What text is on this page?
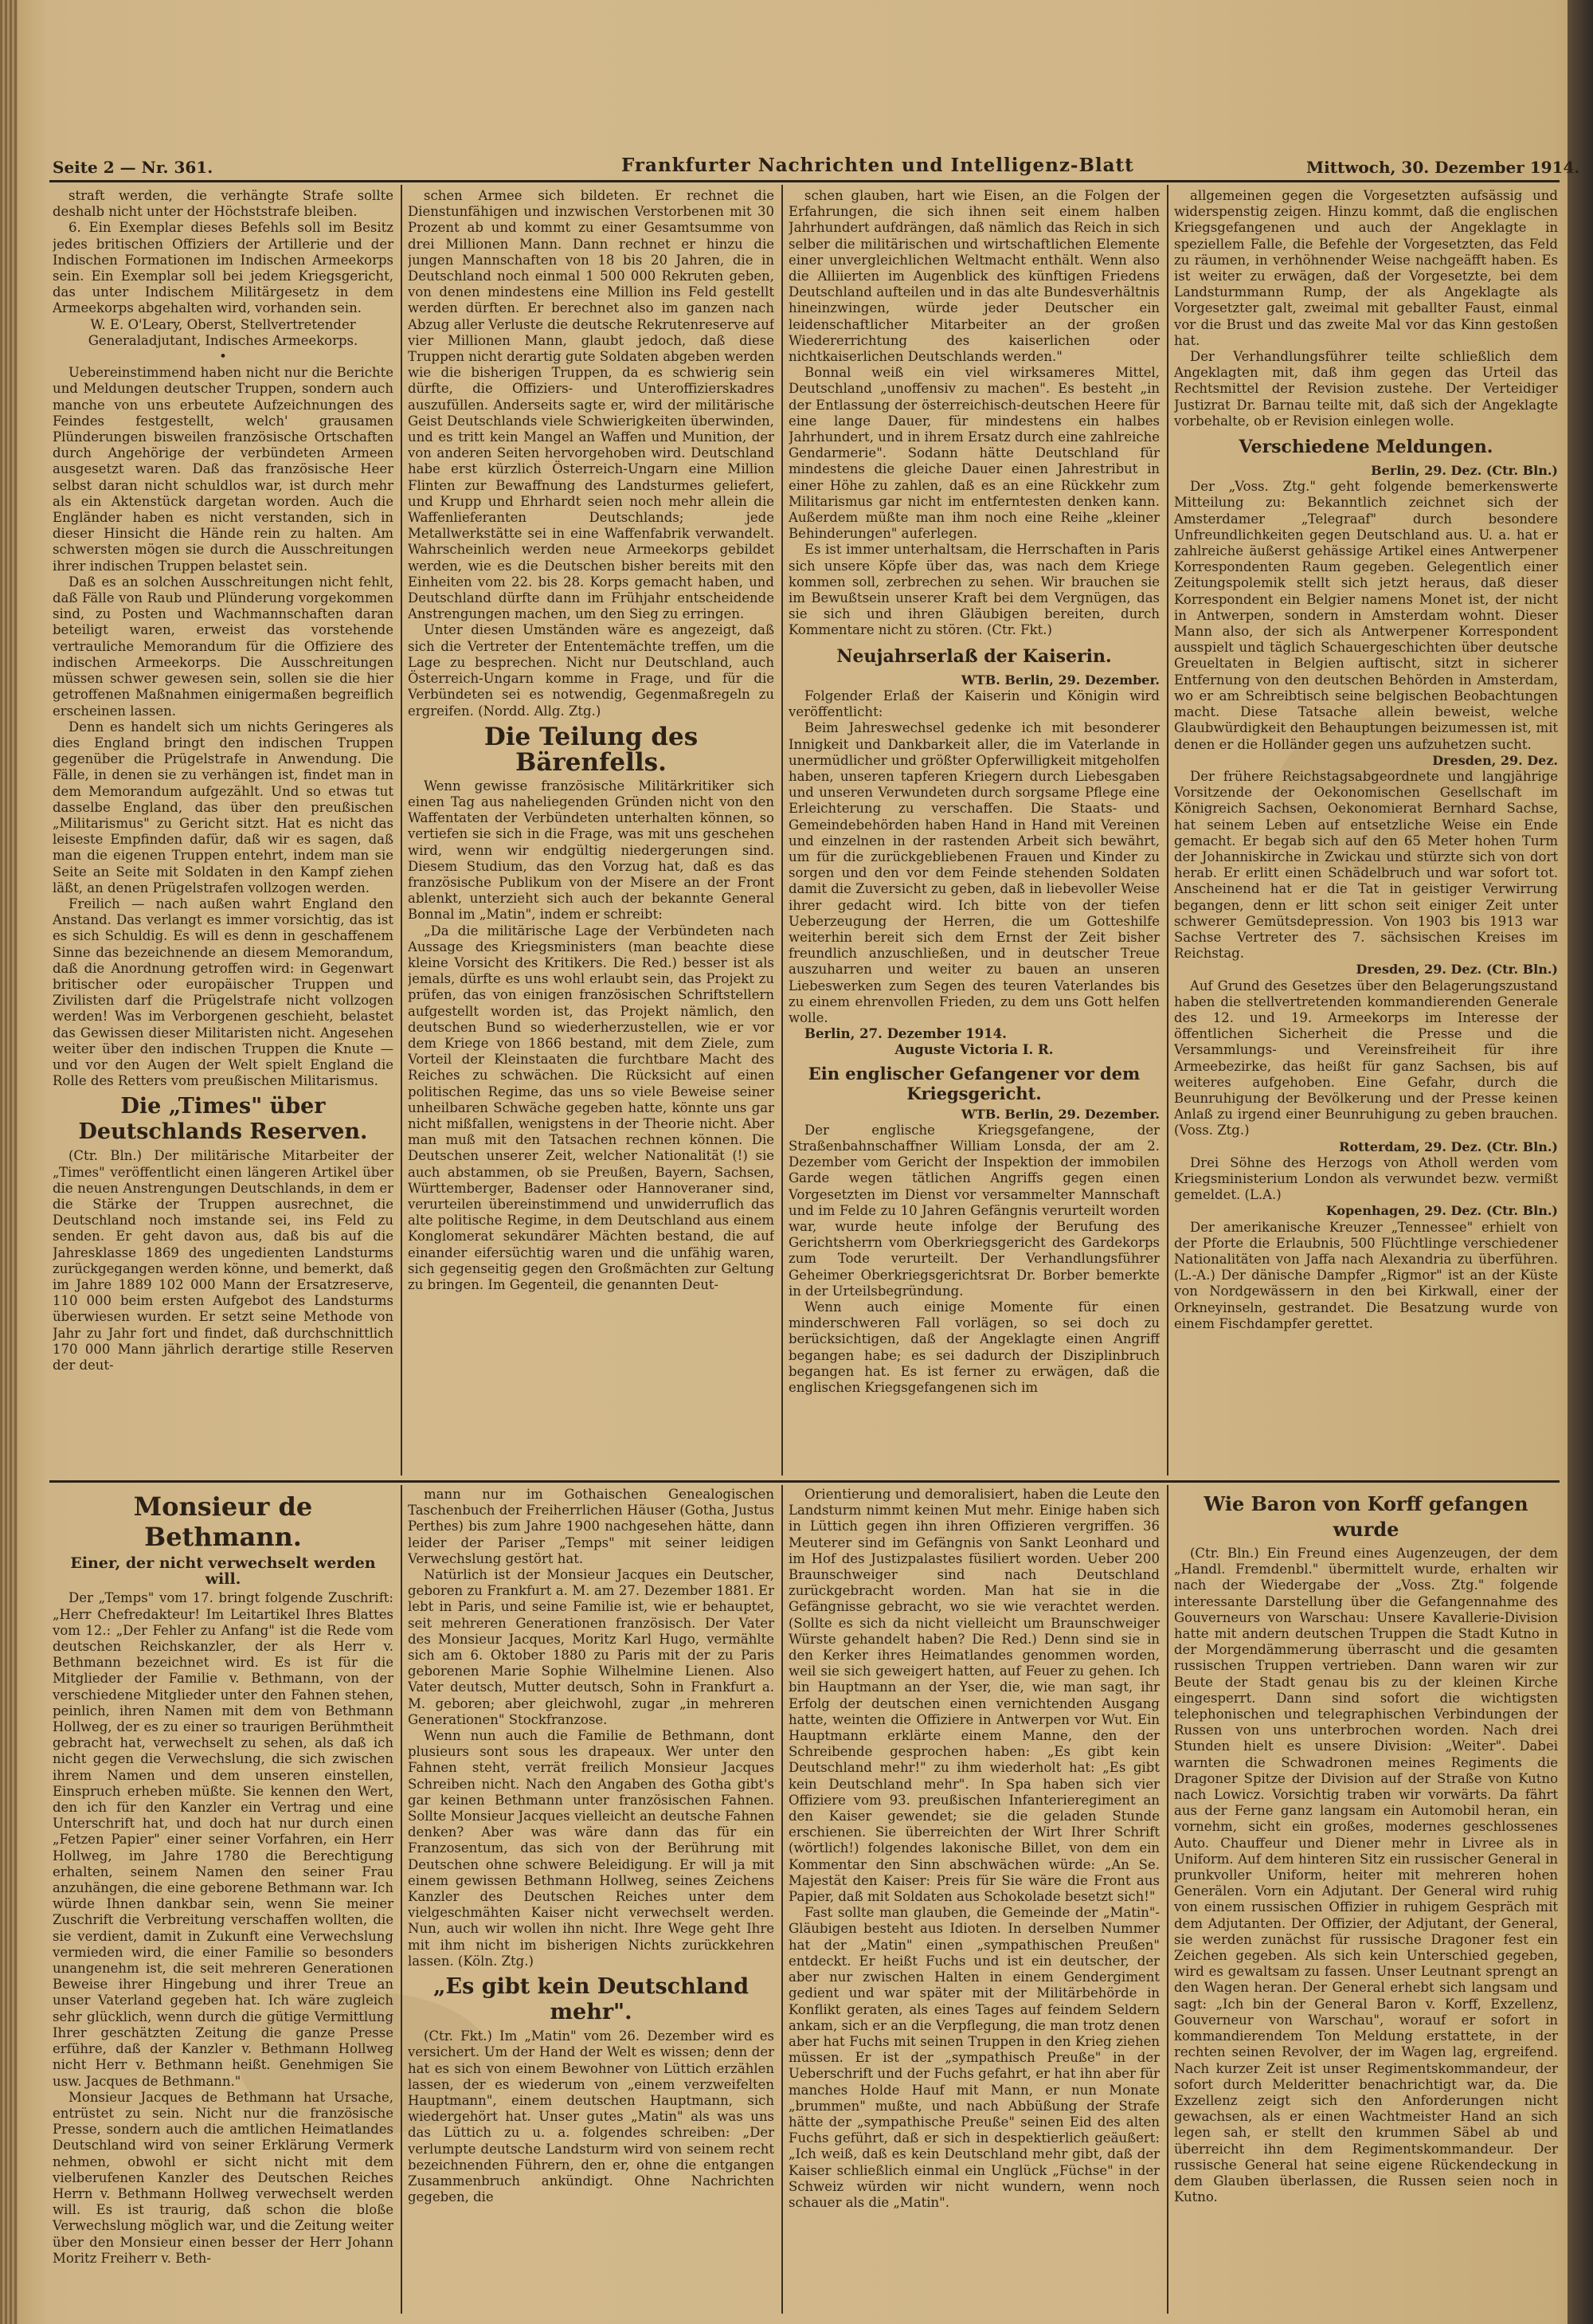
Seite 2 — Nr. 361.	Frankfurter Nachrichten und Intelligenz-Blatt	Mittwoch, 30. Dezember 1914.

straft werden, die verhängte Strafe sollte deshalb nicht unter der Höchststrafe bleiben.

6. Ein Exemplar dieses Befehls soll im Besitz jedes britischen Offiziers der Artillerie und der Indischen Formationen im Indischen Armeekorps sein. Ein Exemplar soll bei jedem Kriegsgericht, das unter Indischem Militärgesetz in dem Armeekorps abgehalten wird, vorhanden sein.

W. E. O'Leary, Oberst, Stellvertretender Generaladjutant, Indisches Armeekorps.

•

Uebereinstimmend haben nicht nur die Berichte und Meldungen deutscher Truppen, sondern auch manche von uns erbeutete Aufzeichnungen des Feindes festgestellt, welch' grausamen Plünderungen bisweilen französische Ortschaften durch Angehörige der verbündeten Armeen ausgesetzt waren. Daß das französische Heer selbst daran nicht schuldlos war, ist durch mehr als ein Aktenstück dargetan worden. Auch die Engländer haben es nicht verstanden, sich in dieser Hinsicht die Hände rein zu halten. Am schwersten mögen sie durch die Ausschreitungen ihrer indischen Truppen belastet sein.

Daß es an solchen Ausschreitungen nicht fehlt, daß Fälle von Raub und Plünderung vorgekommen sind, zu Posten und Wachmannschaften daran beteiligt waren, erweist das vorstehende vertrauliche Memorandum für die Offiziere des indischen Armeekorps. Die Ausschreitungen müssen schwer gewesen sein, sollen sie die hier getroffenen Maßnahmen einigermaßen begreiflich erscheinen lassen.

Denn es handelt sich um nichts Geringeres als dies England bringt den indischen Truppen gegenüber die Prügelstrafe in Anwendung. Die Fälle, in denen sie zu verhängen ist, findet man in dem Memorandum aufgezählt. Und so etwas tut dasselbe England, das über den preußischen „Militarismus" zu Gericht sitzt. Hat es nicht das leiseste Empfinden dafür, daß wir es sagen, daß man die eigenen Truppen entehrt, indem man sie Seite an Seite mit Soldaten in den Kampf ziehen läßt, an denen Prügelstrafen vollzogen werden.

Freilich — nach außen wahrt England den Anstand. Das verlangt es immer vorsichtig, das ist es sich Schuldig. Es will es denn in geschaffenem Sinne das bezeichnende an diesem Memorandum, daß die Anordnung getroffen wird: in Gegenwart britischer oder europäischer Truppen und Zivilisten darf die Prügelstrafe nicht vollzogen werden! Was im Verborgenen geschieht, belastet das Gewissen dieser Militaristen nicht. Angesehen weiter über den indischen Truppen die Knute — und vor den Augen der Welt spielt England die Rolle des Retters vom preußischen Militarismus.

Die „Times" über Deutschlands Reserven.

(Ctr. Bln.) Der militärische Mitarbeiter der „Times" veröffentlicht einen längeren Artikel über die neuen Anstrengungen Deutschlands, in dem er die Stärke der Truppen ausrechnet, die Deutschland noch imstande sei, ins Feld zu senden. Er geht davon aus, daß bis auf die Jahresklasse 1869 des ungedienten Landsturms zurückgegangen werden könne, und bemerkt, daß im Jahre 1889 102 000 Mann der Ersatzreserve, 110 000 beim ersten Aufgebot des Landsturms überwiesen wurden. Er setzt seine Methode von Jahr zu Jahr fort und findet, daß durchschnittlich 170 000 Mann jährlich derartige stille Reserven der deut-

schen Armee sich bildeten. Er rechnet die Dienstunfähigen und inzwischen Verstorbenen mit 30 Prozent ab und kommt zu einer Gesamtsumme von drei Millionen Mann. Dann rechnet er hinzu die jungen Mannschaften von 18 bis 20 Jahren, die in Deutschland noch einmal 1 500 000 Rekruten geben, von denen mindestens eine Million ins Feld gestellt werden dürften. Er berechnet also im ganzen nach Abzug aller Verluste die deutsche Rekrutenreserve auf vier Millionen Mann, glaubt jedoch, daß diese Truppen nicht derartig gute Soldaten abgeben werden wie die bisherigen Truppen, da es schwierig sein dürfte, die Offiziers- und Unteroffizierskadres auszufüllen. Anderseits sagte er, wird der militärische Geist Deutschlands viele Schwierigkeiten überwinden, und es tritt kein Mangel an Waffen und Munition, der von anderen Seiten hervorgehoben wird. Deutschland habe erst kürzlich Österreich-Ungarn eine Million Flinten zur Bewaffnung des Landsturmes geliefert, und Krupp und Ehrhardt seien noch mehr allein die Waffenlieferanten Deutschlands; jede Metallwerkstätte sei in eine Waffenfabrik verwandelt. Wahrscheinlich werden neue Armeekorps gebildet werden, wie es die Deutschen bisher bereits mit den Einheiten vom 22. bis 28. Korps gemacht haben, und Deutschland dürfte dann im Frühjahr entscheidende Anstrengungen machen, um den Sieg zu erringen.

Unter diesen Umständen wäre es angezeigt, daß sich die Vertreter der Ententemächte treffen, um die Lage zu besprechen. Nicht nur Deutschland, auch Österreich-Ungarn komme in Frage, und für die Verbündeten sei es notwendig, Gegenmaßregeln zu ergreifen. (Nordd. Allg. Ztg.)

Die Teilung des Bärenfells.

Wenn gewisse französische Militärkritiker sich einen Tag aus naheliegenden Gründen nicht von den Waffentaten der Verbündeten unterhalten können, so vertiefen sie sich in die Frage, was mit uns geschehen wird, wenn wir endgültig niedergerungen sind. Diesem Studium, das den Vorzug hat, daß es das französische Publikum von der Misere an der Front ablenkt, unterzieht sich auch der bekannte General Bonnal im „Matin", indem er schreibt:

„Da die militärische Lage der Verbündeten nach Aussage des Kriegsministers (man beachte diese kleine Vorsicht des Kritikers. Die Red.) besser ist als jemals, dürfte es uns wohl erlaubt sein, das Projekt zu prüfen, das von einigen französischen Schriftstellern aufgestellt worden ist, das Projekt nämlich, den deutschen Bund so wiederherzustellen, wie er vor dem Kriege von 1866 bestand, mit dem Ziele, zum Vorteil der Kleinstaaten die furchtbare Macht des Reiches zu schwächen. Die Rücksicht auf einen politischen Regime, das uns so viele Beweise seiner unheilbaren Schwäche gegeben hatte, könnte uns gar nicht mißfallen, wenigstens in der Theorie nicht. Aber man muß mit den Tatsachen rechnen können. Die Deutschen unserer Zeit, welcher Nationalität (!) sie auch abstammen, ob sie Preußen, Bayern, Sachsen, Württemberger, Badenser oder Hannoveraner sind, verurteilen übereinstimmend und unwiderruflich das alte politische Regime, in dem Deutschland aus einem Konglomerat sekundärer Mächten bestand, die auf einander eifersüchtig waren und die unfähig waren, sich gegenseitig gegen den Großmächten zur Geltung zu bringen. Im Gegenteil, die genannten Deut-

schen glauben, hart wie Eisen, an die Folgen der Erfahrungen, die sich ihnen seit einem halben Jahrhundert aufdrängen, daß nämlich das Reich in sich selber die militärischen und wirtschaftlichen Elemente einer unvergleichlichen Weltmacht enthält. Wenn also die Alliierten im Augenblick des künftigen Friedens Deutschland aufteilen und in das alte Bundesverhältnis hineinzwingen, würde jeder Deutscher ein leidenschaftlicher Mitarbeiter an der großen Wiedererrichtung des kaiserlichen oder nichtkaiserlichen Deutschlands werden."

Bonnal weiß ein viel wirksameres Mittel, Deutschland „unoffensiv zu machen". Es besteht „in der Entlassung der österreichisch-deutschen Heere für eine lange Dauer, für mindestens ein halbes Jahrhundert, und in ihrem Ersatz durch eine zahlreiche Gendarmerie". Sodann hätte Deutschland für mindestens die gleiche Dauer einen Jahrestribut in einer Höhe zu zahlen, daß es an eine Rückkehr zum Militarismus gar nicht im entferntesten denken kann. Außerdem müßte man ihm noch eine Reihe „kleiner Behinderungen" auferlegen.

Es ist immer unterhaltsam, die Herrschaften in Paris sich unsere Köpfe über das, was nach dem Kriege kommen soll, zerbrechen zu sehen. Wir brauchen sie im Bewußtsein unserer Kraft bei dem Vergnügen, das sie sich und ihren Gläubigen bereiten, durch Kommentare nicht zu stören. (Ctr. Fkt.)

Neujahrserlaß der Kaiserin.

WTB. Berlin, 29. Dezember.

Folgender Erlaß der Kaiserin und Königin wird veröffentlicht:

Beim Jahreswechsel gedenke ich mit besonderer Innigkeit und Dankbarkeit aller, die im Vaterlande in unermüdlicher und größter Opferwilligkeit mitgeholfen haben, unseren tapferen Kriegern durch Liebesgaben und unseren Verwundeten durch sorgsame Pflege eine Erleichterung zu verschaffen. Die Staats- und Gemeindebehörden haben Hand in Hand mit Vereinen und einzelnen in der rastenden Arbeit sich bewährt, um für die zurückgebliebenen Frauen und Kinder zu sorgen und den vor dem Feinde stehenden Soldaten damit die Zuversicht zu geben, daß in liebevoller Weise ihrer gedacht wird. Ich bitte von der tiefen Ueberzeugung der Herren, die um Gotteshilfe weiterhin bereit sich dem Ernst der Zeit bisher freundlich anzuschließen, und in deutscher Treue auszuharren und weiter zu bauen an unseren Liebeswerken zum Segen des teuren Vaterlandes bis zu einem ehrenvollen Frieden, zu dem uns Gott helfen wolle.

Berlin, 27. Dezember 1914.

Auguste Victoria I. R.

Ein englischer Gefangener vor dem Kriegsgericht.

WTB. Berlin, 29. Dezember.

Der englische Kriegsgefangene, der Straßenbahnschaffner William Lonsda, der am 2. Dezember vom Gericht der Inspektion der immobilen Garde wegen tätlichen Angriffs gegen einen Vorgesetzten im Dienst vor versammelter Mannschaft und im Felde zu 10 Jahren Gefängnis verurteilt worden war, wurde heute infolge der Berufung des Gerichtsherrn vom Oberkriegsgericht des Gardekorps zum Tode verurteilt. Der Verhandlungsführer Geheimer Oberkriegsgerichtsrat Dr. Borber bemerkte in der Urteilsbegründung.

Wenn auch einige Momente für einen minderschweren Fall vorlägen, so sei doch zu berücksichtigen, daß der Angeklagte einen Angriff begangen habe; es sei dadurch der Disziplinbruch begangen hat. Es ist ferner zu erwägen, daß die englischen Kriegsgefangenen sich im

allgemeinen gegen die Vorgesetzten aufsässig und widerspenstig zeigen. Hinzu kommt, daß die englischen Kriegsgefangenen und auch der Angeklagte in speziellem Falle, die Befehle der Vorgesetzten, das Feld zu räumen, in verhöhnender Weise nachgeäfft haben. Es ist weiter zu erwägen, daß der Vorgesetzte, bei dem Landsturmmann Rump, der als Angeklagte als Vorgesetzter galt, zweimal mit geballter Faust, einmal vor die Brust und das zweite Mal vor das Kinn gestoßen hat.

Der Verhandlungsführer teilte schließlich dem Angeklagten mit, daß ihm gegen das Urteil das Rechtsmittel der Revision zustehe. Der Verteidiger Justizrat Dr. Barnau teilte mit, daß sich der Angeklagte vorbehalte, ob er Revision einlegen wolle.

Verschiedene Meldungen.

Berlin, 29. Dez. (Ctr. Bln.)

Der „Voss. Ztg." geht folgende bemerkenswerte Mitteilung zu: Bekanntlich zeichnet sich der Amsterdamer „Telegraaf" durch besondere Unfreundlichkeiten gegen Deutschland aus. U. a. hat er zahlreiche äußerst gehässige Artikel eines Antwerpener Korrespondenten Raum gegeben. Gelegentlich einer Zeitungspolemik stellt sich jetzt heraus, daß dieser Korrespondent ein Belgier namens Monet ist, der nicht in Antwerpen, sondern in Amsterdam wohnt. Dieser Mann also, der sich als Antwerpener Korrespondent ausspielt und täglich Schauergeschichten über deutsche Greueltaten in Belgien auftischt, sitzt in sicherer Entfernung von den deutschen Behörden in Amsterdam, wo er am Schreibtisch seine belgischen Beobachtungen macht. Diese Tatsache allein beweist, welche Glaubwürdigkeit den Behauptungen beizumessen ist, mit denen er die Holländer gegen uns aufzuhetzen sucht.

Dresden, 29. Dez.

Der frühere Reichstagsabgeordnete und langjährige Vorsitzende der Oekonomischen Gesellschaft im Königreich Sachsen, Oekonomierat Bernhard Sachse, hat seinem Leben auf entsetzliche Weise ein Ende gemacht. Er begab sich auf den 65 Meter hohen Turm der Johanniskirche in Zwickau und stürzte sich von dort herab. Er erlitt einen Schädelbruch und war sofort tot. Anscheinend hat er die Tat in geistiger Verwirrung begangen, denn er litt schon seit einiger Zeit unter schwerer Gemütsdepression. Von 1903 bis 1913 war Sachse Vertreter des 7. sächsischen Kreises im Reichstag.

Dresden, 29. Dez. (Ctr. Bln.)

Auf Grund des Gesetzes über den Belagerungszustand haben die stellvertretenden kommandierenden Generale des 12. und 19. Armeekorps im Interesse der öffentlichen Sicherheit die Presse und die Versammlungs- und Vereinsfreiheit für ihre Armeebezirke, das heißt für ganz Sachsen, bis auf weiteres aufgehoben. Eine Gefahr, durch die Beunruhigung der Bevölkerung und der Presse keinen Anlaß zu irgend einer Beunruhigung zu geben brauchen. (Voss. Ztg.)

Rotterdam, 29. Dez. (Ctr. Bln.)

Drei Söhne des Herzogs von Atholl werden vom Kriegsministerium London als verwundet bezw. vermißt gemeldet. (L.A.)

Kopenhagen, 29. Dez. (Ctr. Bln.)

Der amerikanische Kreuzer „Tennessee" erhielt von der Pforte die Erlaubnis, 500 Flüchtlinge verschiedener Nationalitäten von Jaffa nach Alexandria zu überführen. (L.-A.) Der dänische Dampfer „Rigmor" ist an der Küste von Nordgewässern in den bei Kirkwall, einer der Orkneyinseln, gestrandet. Die Besatzung wurde von einem Fischdampfer gerettet.

Monsieur de Bethmann.

Einer, der nicht verwechselt werden will.

Der „Temps" vom 17. bringt folgende Zuschrift: „Herr Chefredakteur! Im Leitartikel Ihres Blattes vom 12.: „Der Fehler zu Anfang" ist die Rede vom deutschen Reichskanzler, der als Herr v. Bethmann bezeichnet wird. Es ist für die Mitglieder der Familie v. Bethmann, von der verschiedene Mitglieder unter den Fahnen stehen, peinlich, ihren Namen mit dem von Bethmann Hollweg, der es zu einer so traurigen Berühmtheit gebracht hat, verwechselt zu sehen, als daß ich nicht gegen die Verwechslung, die sich zwischen ihrem Namen und dem unseren einstellen, Einspruch erheben müßte. Sie kennen den Wert, den ich für den Kanzler ein Vertrag und eine Unterschrift hat, und doch hat nur durch einen „Fetzen Papier" einer seiner Vorfahren, ein Herr Hollweg, im Jahre 1780 die Berechtigung erhalten, seinem Namen den seiner Frau anzuhängen, die eine geborene Bethmann war. Ich würde Ihnen dankbar sein, wenn Sie meiner Zuschrift die Verbreitung verschaffen wollten, die sie verdient, damit in Zukunft eine Verwechslung vermieden wird, die einer Familie so besonders unangenehm ist, die seit mehreren Generationen Beweise ihrer Hingebung und ihrer Treue an unser Vaterland gegeben hat. Ich wäre zugleich sehr glücklich, wenn durch die gütige Vermittlung Ihrer geschätzten Zeitung die ganze Presse erführe, daß der Kanzler v. Bethmann Hollweg nicht Herr v. Bethmann heißt. Genehmigen Sie usw. Jacques de Bethmann."

Monsieur Jacques de Bethmann hat Ursache, entrüstet zu sein. Nicht nur die französische Presse, sondern auch die amtlichen Heimatlandes Deutschland wird von seiner Erklärung Vermerk nehmen, obwohl er sicht nicht mit dem vielberufenen Kanzler des Deutschen Reiches Herrn v. Bethmann Hollweg verwechselt werden will. Es ist traurig, daß schon die bloße Verwechslung möglich war, und die Zeitung weiter über den Monsieur einen besser der Herr Johann Moritz Freiherr v. Beth-

mann nur im Gothaischen Genealogischen Taschenbuch der Freiherrlichen Häuser (Gotha, Justus Perthes) bis zum Jahre 1900 nachgesehen hätte, dann leider der Pariser „Temps" mit seiner leidigen Verwechslung gestört hat.

Natürlich ist der Monsieur Jacques ein Deutscher, geboren zu Frankfurt a. M. am 27. Dezember 1881. Er lebt in Paris, und seine Familie ist, wie er behauptet, seit mehreren Generationen französisch. Der Vater des Monsieur Jacques, Moritz Karl Hugo, vermählte sich am 6. Oktober 1880 zu Paris mit der zu Paris geborenen Marie Sophie Wilhelmine Lienen. Also Vater deutsch, Mutter deutsch, Sohn in Frankfurt a. M. geboren; aber gleichwohl, zugar „in mehreren Generationen" Stockfranzose.

Wenn nun auch die Familie de Bethmann, dont plusieurs sont sous les drapeaux. Wer unter den Fahnen steht, verrät freilich Monsieur Jacques Schreiben nicht. Nach den Angaben des Gotha gibt's gar keinen Bethmann unter französischen Fahnen. Sollte Monsieur Jacques vielleicht an deutsche Fahnen denken? Aber was wäre dann das für ein Franzosentum, das sich von der Berührung mit Deutschen ohne schwere Beleidigung. Er will ja mit einem gewissen Bethmann Hollweg, seines Zeichens Kanzler des Deutschen Reiches unter dem vielgeschmähten Kaiser nicht verwechselt werden. Nun, auch wir wollen ihn nicht. Ihre Wege geht Ihre mit ihm nicht im bisherigen Nichts zurückkehren lassen. (Köln. Ztg.)

„Es gibt kein Deutschland mehr".

(Ctr. Fkt.) Im „Matin" vom 26. Dezember wird es versichert. Um der Hand der Welt es wissen; denn der hat es sich von einem Bewohner von Lüttich erzählen lassen, der es wiederum von „einem verzweifelten Hauptmann", einem deutschen Hauptmann, sich wiedergehört hat. Unser gutes „Matin" als was uns das Lüttich zu u. a. folgendes schreiben: „Der verlumpte deutsche Landsturm wird von seinem recht bezeichnenden Führern, den er, ohne die entgangen Zusammenbruch ankündigt. Ohne Nachrichten gegeben, die

Orientierung und demoralisiert, haben die Leute den Landsturm nimmt keinen Mut mehr. Einige haben sich in Lüttich gegen ihn ihren Offizieren vergriffen. 36 Meuterer sind im Gefängnis von Sankt Leonhard und im Hof des Justizpalastes füsiliert worden. Ueber 200 Braunschweiger sind nach Deutschland zurückgebracht worden. Man hat sie in die Gefängnisse gebracht, wo sie wie verachtet werden. (Sollte es sich da nicht vielleicht um Braunschweiger Würste gehandelt haben? Die Red.) Denn sind sie in den Kerker ihres Heimatlandes genommen worden, weil sie sich geweigert hatten, auf Feuer zu gehen. Ich bin Hauptmann an der Yser, die, wie man sagt, ihr Erfolg der deutschen einen vernichtenden Ausgang hatte, weinten die Offiziere in Antwerpen vor Wut. Ein Hauptmann erklärte einem Manne, den der Schreibende gesprochen haben: „Es gibt kein Deutschland mehr!" zu ihm wiederholt hat: „Es gibt kein Deutschland mehr". In Spa haben sich vier Offiziere vom 93. preußischen Infanterieregiment an den Kaiser gewendet; sie die geladen Stunde erschienen. Sie überreichten der Wirt Ihrer Schrift (wörtlich!) folgendes lakonische Billet, von dem ein Kommentar den Sinn abschwächen würde: „An Se. Majestät den Kaiser: Preis für Sie wäre die Front aus Papier, daß mit Soldaten aus Schokolade besetzt sich!"

Fast sollte man glauben, die Gemeinde der „Matin"-Gläubigen besteht aus Idioten. In derselben Nummer hat der „Matin" einen „sympathischen Preußen" entdeckt. Er heißt Fuchs und ist ein deutscher, der aber nur zwischen Halten in einem Gendergiment gedient und war später mit der Militärbehörde in Konflikt geraten, als eines Tages auf feindem Seldern ankam, sich er an die Verpflegung, die man trotz denen aber hat Fuchs mit seinen Truppen in den Krieg ziehen müssen. Er ist der „sympathisch Preuße" in der Ueberschrift und der Fuchs gefahrt, er hat ihn aber für manches Holde Hauf mit Mann, er nun Monate „brummen" mußte, und nach Abbüßung der Strafe hätte der „sympathische Preuße" seinen Eid des alten Fuchs geführt, daß er sich in despektierlich geäußert: „Ich weiß, daß es kein Deutschland mehr gibt, daß der Kaiser schließlich einmal ein Unglück „Füchse" in der Schweiz würden wir nicht wundern, wenn noch schauer als die „Matin".

Wie Baron von Korff gefangen wurde

(Ctr. Bln.) Ein Freund eines Augenzeugen, der dem „Handl. Fremdenbl." übermittelt wurde, erhalten wir nach der Wiedergabe der „Voss. Ztg." folgende interessante Darstellung über die Gefangennahme des Gouverneurs von Warschau: Unsere Kavallerie-Division hatte mit andern deutschen Truppen die Stadt Kutno in der Morgendämmerung überrascht und die gesamten russischen Truppen vertrieben. Dann waren wir zur Beute der Stadt genau bis zu der kleinen Kirche eingesperrt. Dann sind sofort die wichtigsten telephonischen und telegraphischen Verbindungen der Russen von uns unterbrochen worden. Nach drei Stunden hielt es unsere Division: „Weiter". Dabei warnten die Schwadronen meines Regiments die Dragoner Spitze der Division auf der Straße von Kutno nach Lowicz. Vorsichtig traben wir vorwärts. Da fährt aus der Ferne ganz langsam ein Automobil heran, ein vornehm, sicht ein großes, modernes geschlossenes Auto. Chauffeur und Diener mehr in Livree als in Uniform. Auf dem hinteren Sitz ein russischer General in prunkvoller Uniform, heiter mit mehreren hohen Generälen. Vorn ein Adjutant. Der General wird ruhig von einem russischen Offizier in ruhigem Gespräch mit dem Adjutanten. Der Offizier, der Adjutant, der General, sie werden zunächst für russische Dragoner fest ein Zeichen gegeben. Als sich kein Unterschied gegeben, wird es gewaltsam zu fassen. Unser Leutnant sprengt an den Wagen heran. Der General erhebt sich langsam und sagt: „Ich bin der General Baron v. Korff, Exzellenz, Gouverneur von Warschau", worauf er sofort in kommandierendem Ton Meldung erstattete, in der rechten seinen Revolver, der im Wagen lag, ergreifend. Nach kurzer Zeit ist unser Regimentskommandeur, der sofort durch Melderitter benachrichtigt war, da. Die Exzellenz zeigt sich den Anforderungen nicht gewachsen, als er einen Wachtmeister Hand an sich legen sah, er stellt den krummen Säbel ab und überreicht ihn dem Regimentskommandeur. Der russische General hat seine eigene Rückendeckung in dem Glauben überlassen, die Russen seien noch in Kutno.
